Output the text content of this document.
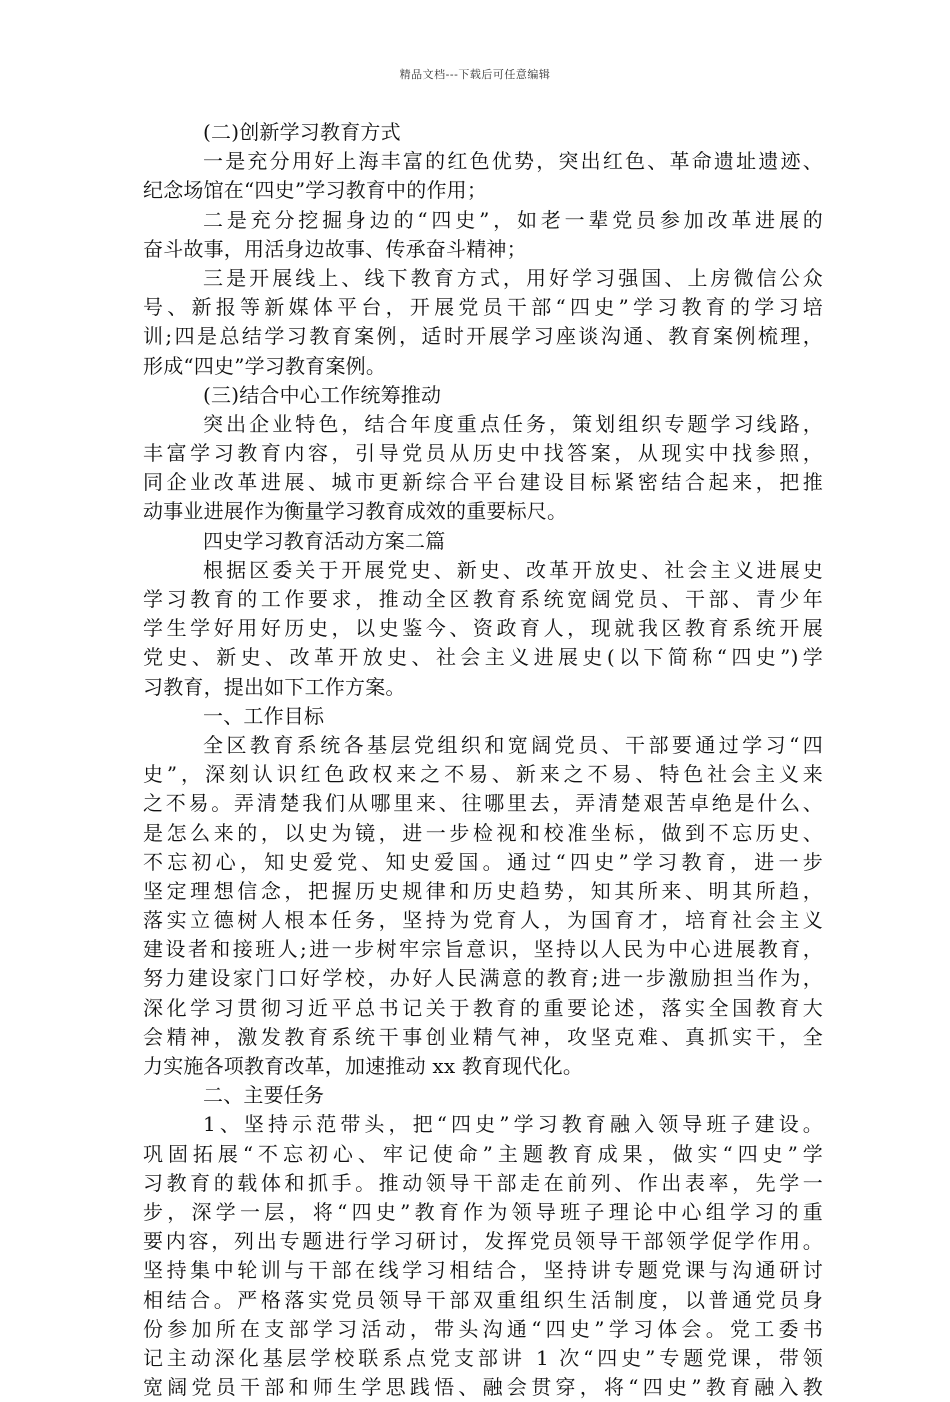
精品文档---下载后可任意编辑
(二)创新学习教育方式
一是充分用好上海丰富的红色优势，突出红色、革命遗址遗迹、
纪念场馆在“四史”学习教育中的作用；
二是充分挖掘身边的“四史”，如老一辈党员参加改革进展的
奋斗故事，用活身边故事、传承奋斗精神；
三是开展线上、线下教育方式，用好学习强国、上房微信公众
号、新报等新媒体平台，开展党员干部“四史”学习教育的学习培
训;四是总结学习教育案例，适时开展学习座谈沟通、教育案例梳理，
形成“四史”学习教育案例。
(三)结合中心工作统筹推动
突出企业特色，结合年度重点任务，策划组织专题学习线路，
丰富学习教育内容，引导党员从历史中找答案，从现实中找参照，
同企业改革进展、城市更新综合平台建设目标紧密结合起来，把推
动事业进展作为衡量学习教育成效的重要标尺。
四史学习教育活动方案二篇
根据区委关于开展党史、新史、改革开放史、社会主义进展史
学习教育的工作要求，推动全区教育系统宽阔党员、干部、青少年
学生学好用好历史，以史鉴今、资政育人，现就我区教育系统开展
党史、新史、改革开放史、社会主义进展史(以下简称“四史”)学
习教育，提出如下工作方案。
一、工作目标
全区教育系统各基层党组织和宽阔党员、干部要通过学习“四
史”，深刻认识红色政权来之不易、新来之不易、特色社会主义来
之不易。弄清楚我们从哪里来、往哪里去，弄清楚艰苦卓绝是什么、
是怎么来的，以史为镜，进一步检视和校准坐标，做到不忘历史、
不忘初心，知史爱党、知史爱国。通过“四史”学习教育，进一步
坚定理想信念，把握历史规律和历史趋势，知其所来、明其所趋，
落实立德树人根本任务，坚持为党育人，为国育才，培育社会主义
建设者和接班人;进一步树牢宗旨意识，坚持以人民为中心进展教育，
努力建设家门口好学校，办好人民满意的教育;进一步激励担当作为，
深化学习贯彻习近平总书记关于教育的重要论述，落实全国教育大
会精神，激发教育系统干事创业精气神，攻坚克难、真抓实干，全
力实施各项教育改革，加速推动 xx 教育现代化。
二、主要任务
1、坚持示范带头，把“四史”学习教育融入领导班子建设。
巩固拓展“不忘初心、牢记使命”主题教育成果，做实“四史”学
习教育的载体和抓手。推动领导干部走在前列、作出表率，先学一
步，深学一层，将“四史”教育作为领导班子理论中心组学习的重
要内容，列出专题进行学习研讨，发挥党员领导干部领学促学作用。
坚持集中轮训与干部在线学习相结合，坚持讲专题党课与沟通研讨
相结合。严格落实党员领导干部双重组织生活制度，以普通党员身
份参加所在支部学习活动，带头沟通“四史”学习体会。党工委书
记主动深化基层学校联系点党支部讲 1 次“四史”专题党课，带领
宽阔党员干部和师生学思践悟、融会贯穿，将“四史”教育融入教
